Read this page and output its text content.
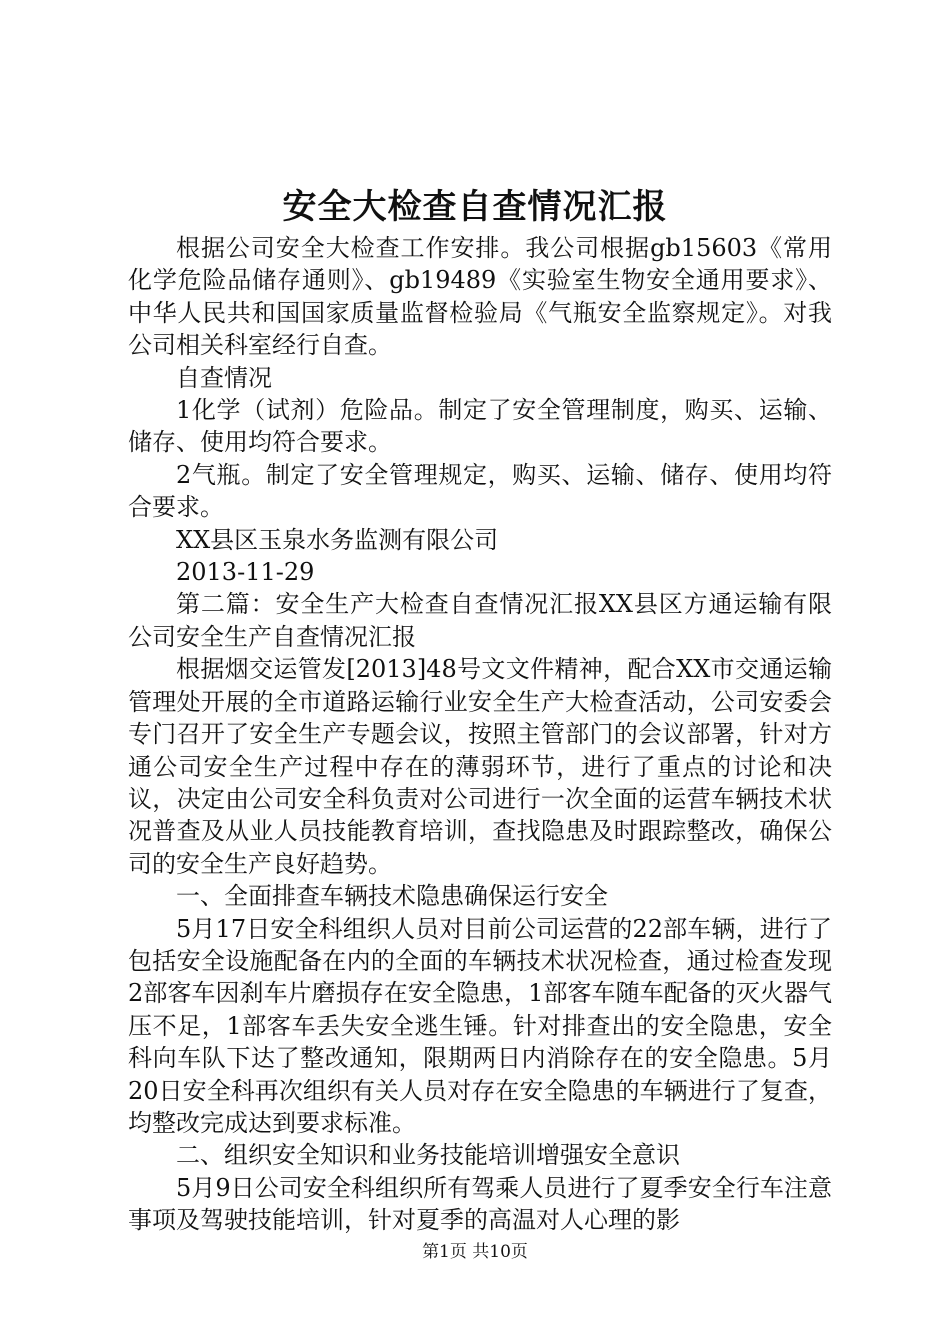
安全大检查自查情况汇报

根据公司安全大检查工作安排。我公司根据gb15603《常用化学危险品储存通则》、gb19489《实验室生物安全通用要求》、中华人民共和国国家质量监督检验局《气瓶安全监察规定》。对我公司相关科室经行自查。

自查情况

1化学（试剂）危险品。制定了安全管理制度，购买、运输、储存、使用均符合要求。

2气瓶。制定了安全管理规定，购买、运输、储存、使用均符合要求。

XX县区玉泉水务监测有限公司

2013-11-29

第二篇：安全生产大检查自查情况汇报XX县区方通运输有限公司安全生产自查情况汇报

根据烟交运管发[2013]48号文文件精神，配合XX市交通运输管理处开展的全市道路运输行业安全生产大检查活动，公司安委会专门召开了安全生产专题会议，按照主管部门的会议部署，针对方通公司安全生产过程中存在的薄弱环节，进行了重点的讨论和决议，决定由公司安全科负责对公司进行一次全面的运营车辆技术状况普查及从业人员技能教育培训，查找隐患及时跟踪整改，确保公司的安全生产良好趋势。

一、全面排查车辆技术隐患确保运行安全

5月17日安全科组织人员对目前公司运营的22部车辆，进行了包括安全设施配备在内的全面的车辆技术状况检查，通过检查发现2部客车因刹车片磨损存在安全隐患，1部客车随车配备的灭火器气压不足，1部客车丢失安全逃生锤。针对排查出的安全隐患，安全科向车队下达了整改通知，限期两日内消除存在的安全隐患。5月20日安全科再次组织有关人员对存在安全隐患的车辆进行了复查，均整改完成达到要求标准。

二、组织安全知识和业务技能培训增强安全意识

5月9日公司安全科组织所有驾乘人员进行了夏季安全行车注意事项及驾驶技能培训，针对夏季的高温对人心理的影

第1页 共10页
